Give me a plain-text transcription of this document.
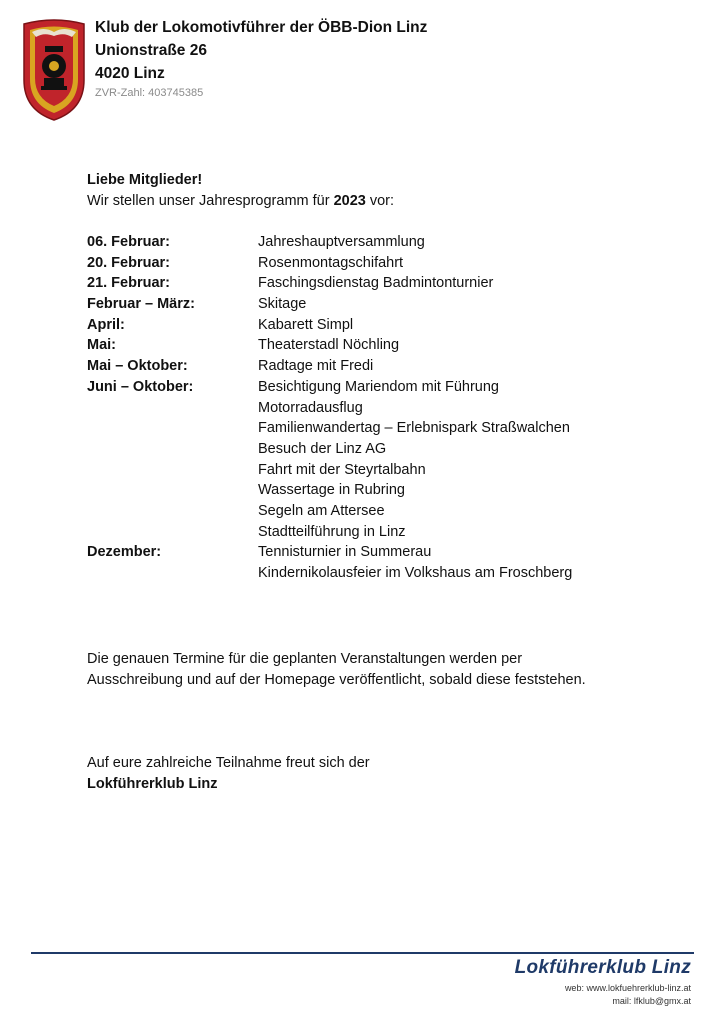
Klub der Lokomotivführer der ÖBB-Dion Linz
Unionstraße 26
4020 Linz
ZVR-Zahl: 403745385
Liebe Mitglieder!
Wir stellen unser Jahresprogramm für 2023 vor:
06. Februar:	Jahreshauptversammlung
20. Februar:	Rosenmontagschifahrt
21. Februar:	Faschingsdienstag Badmintonturnier
Februar – März:	Skitage
April:	Kabarett Simpl
Mai:	Theaterstadl Nöchling
Mai – Oktober:	Radtage mit Fredi
Juni – Oktober:	Besichtigung Mariendom mit Führung
Motorradausflug
Familienwandertag – Erlebnispark Straßwalchen
Besuch der Linz AG
Fahrt mit der Steyrtalbahn
Wassertage in Rubring
Segeln am Attersee
Stadtteilführung in Linz
Dezember:	Tennisturnier in Summerau
Kindernikolausfeier im Volkshaus am Froschberg
Die genauen Termine für die geplanten Veranstaltungen werden per
Ausschreibung und auf der Homepage veröffentlicht, sobald diese feststehen.
Auf eure zahlreiche Teilnahme freut sich der
Lokführerklub Linz
Lokführerklub Linz
web: www.lokfuehrerklub-linz.at
mail: lfklub@gmx.at
